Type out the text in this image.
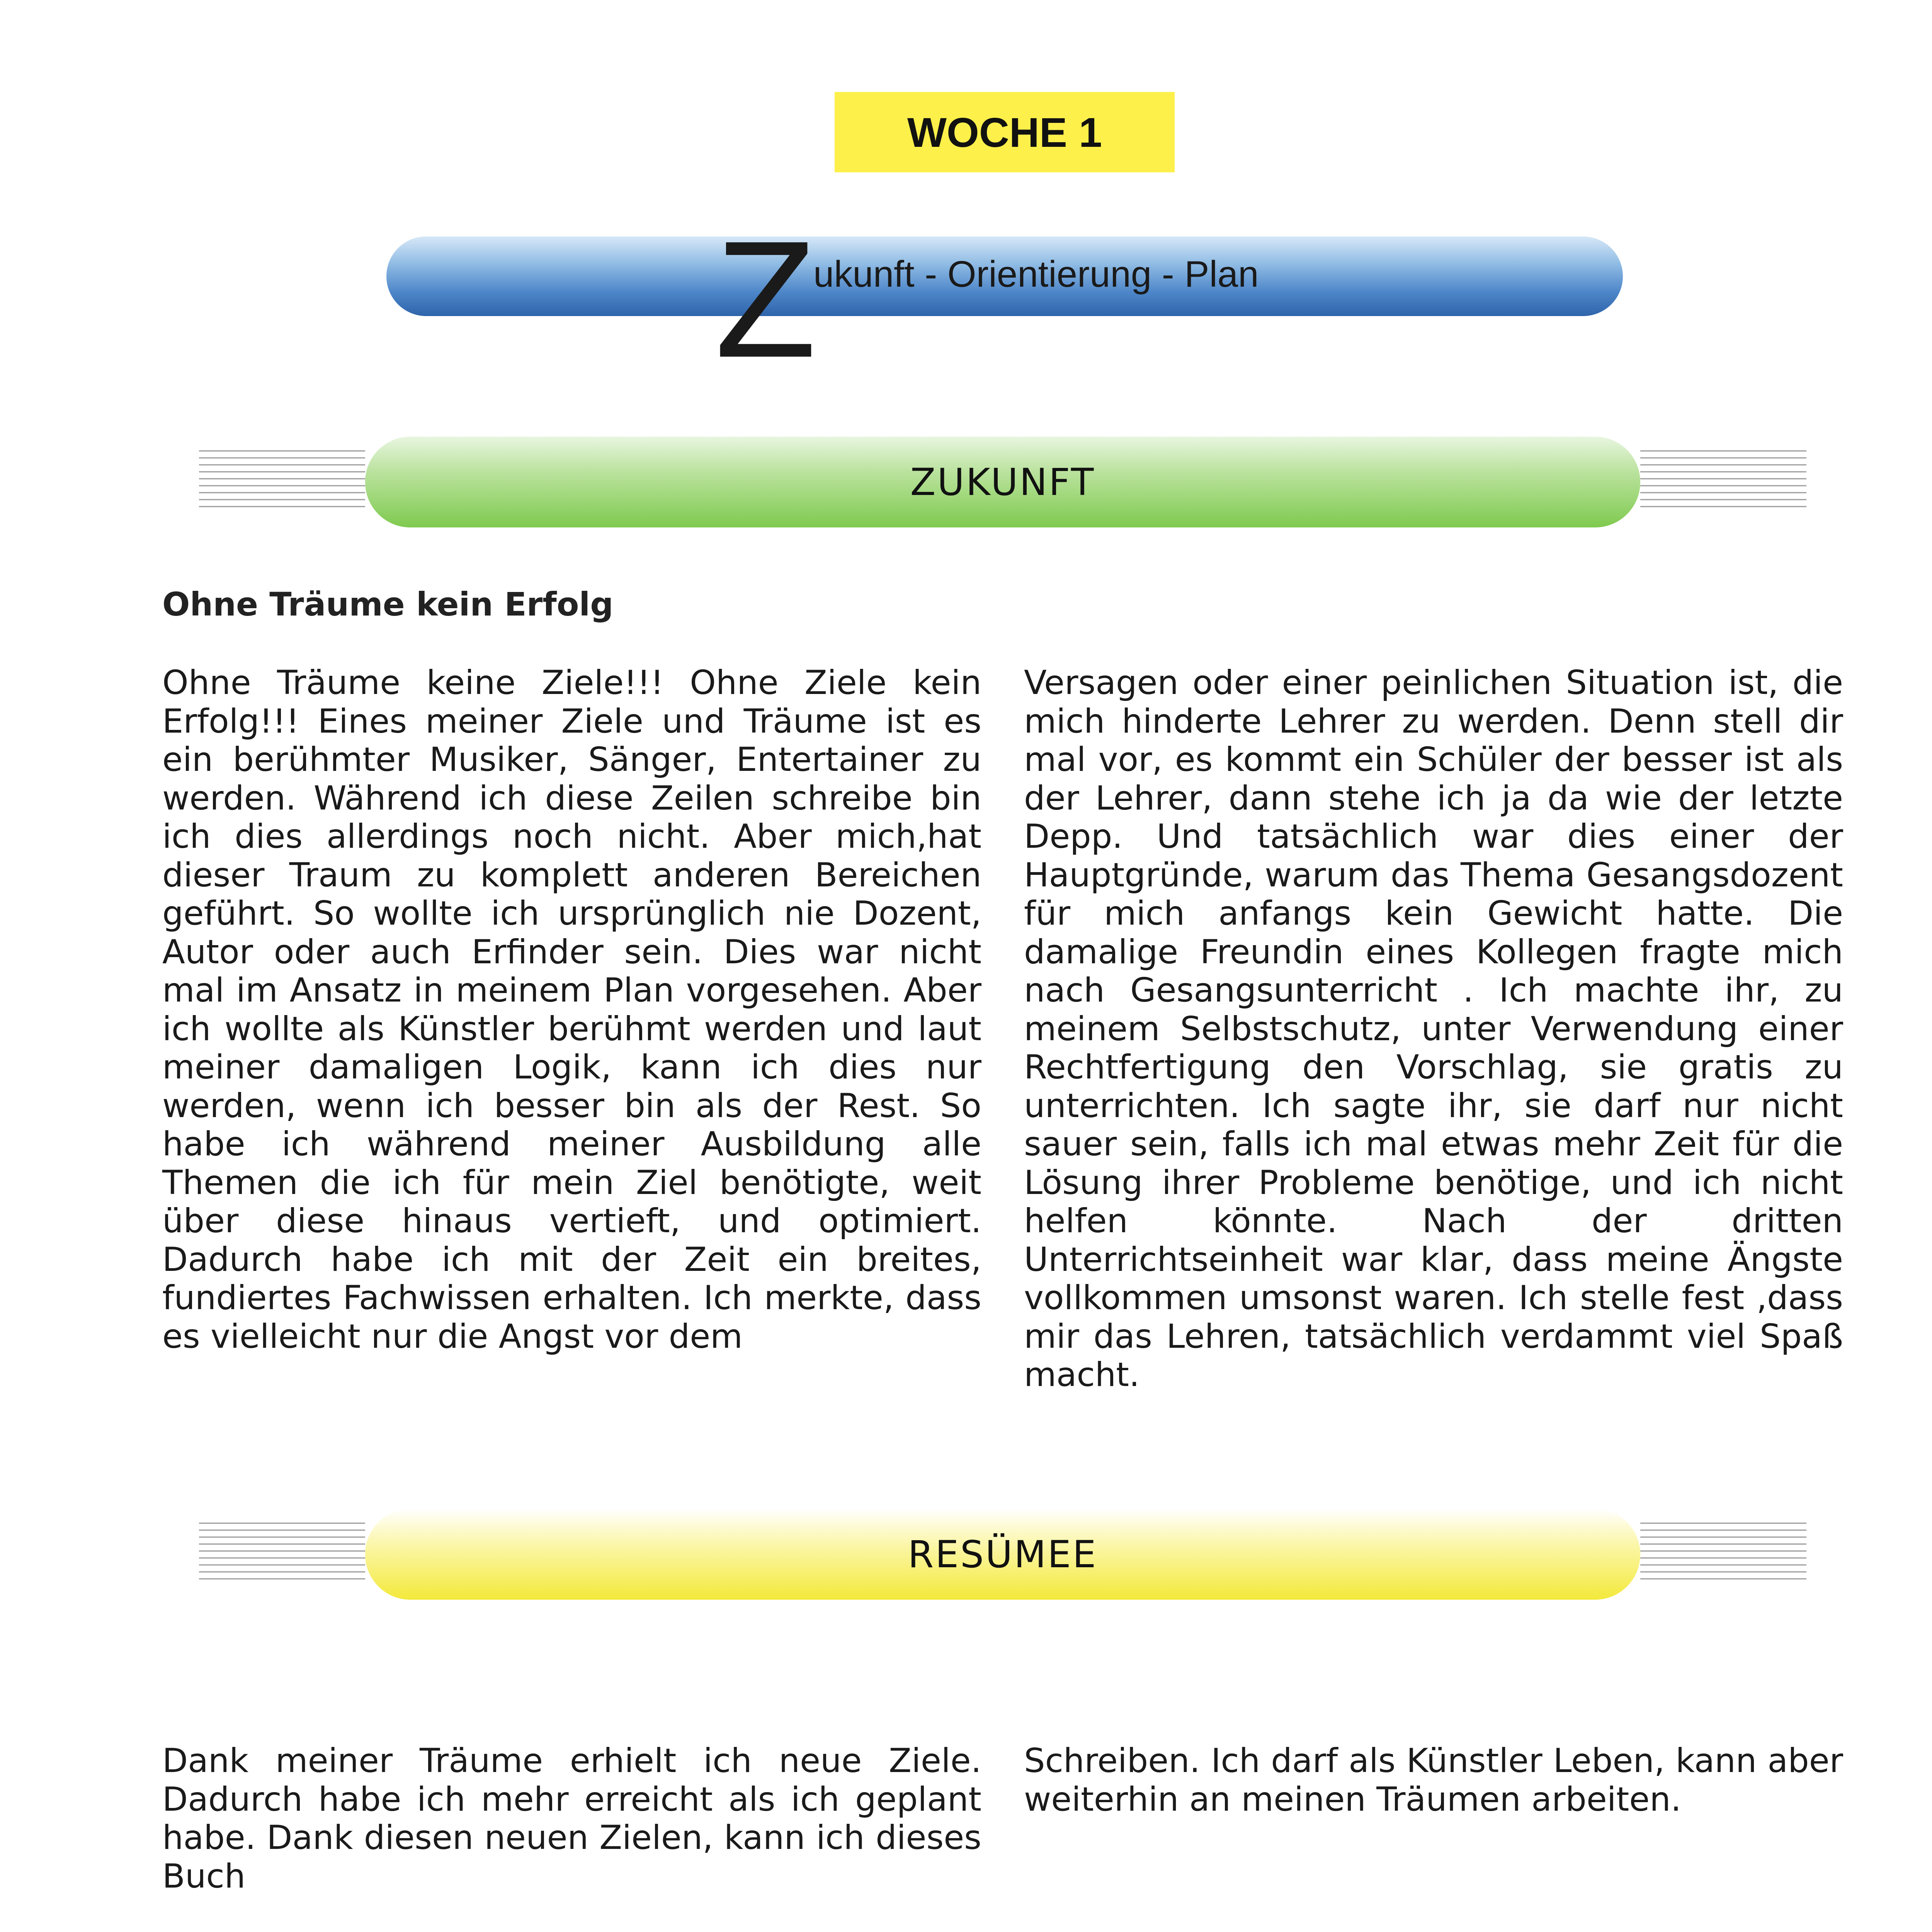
WOCHE 1
Z
ukunft - Orientierung - Plan
ZUKUNFT
Ohne Träume kein Erfolg
Ohne Träume keine Ziele!!! Ohne Ziele kein Erfolg!!! Eines meiner Ziele und Träume ist es ein berühmter Musiker, Sänger, Entertainer zu werden. Während ich diese Zeilen schreibe bin ich dies allerdings noch nicht. Aber mich,hat dieser Traum zu komplett anderen Bereichen geführt. So wollte ich ursprünglich nie Dozent, Autor oder auch Erfinder sein. Dies war nicht mal im Ansatz in meinem Plan vorgesehen. Aber ich wollte als Künstler berühmt werden und laut meiner damaligen Logik, kann ich dies nur werden, wenn ich besser bin als der Rest. So habe ich während meiner Ausbildung alle Themen die ich für mein Ziel benötigte, weit über diese hinaus vertieft, und optimiert. Dadurch habe ich mit der Zeit ein breites, fundiertes Fachwissen erhalten. Ich merkte, dass es vielleicht nur die Angst vor dem
Versagen oder einer peinlichen Situation ist, die mich hinderte Lehrer zu werden. Denn stell dir mal vor, es kommt ein Schüler der besser ist als der Lehrer, dann stehe ich ja da wie der letzte Depp. Und tatsächlich war dies einer der Hauptgründe, warum das Thema Gesangsdozent für mich anfangs kein Gewicht hatte. Die damalige Freundin eines Kollegen fragte mich nach Gesangsunterricht . Ich machte ihr, zu meinem Selbstschutz, unter Verwendung einer Rechtfertigung den Vorschlag, sie gratis zu unterrichten. Ich sagte ihr, sie darf nur nicht sauer sein, falls ich mal etwas mehr Zeit für die Lösung ihrer Probleme benötige, und ich nicht helfen könnte. Nach der dritten Unterrichtseinheit war klar, dass meine Ängste vollkommen umsonst waren. Ich stelle fest ,dass mir das Lehren, tatsächlich verdammt viel Spaß macht.
RESÜMEE
Dank meiner Träume erhielt ich neue Ziele. Dadurch habe ich mehr erreicht als ich geplant habe. Dank diesen neuen Zielen, kann ich dieses Buch
Schreiben. Ich darf als Künstler Leben, kann aber weiterhin an meinen Träumen arbeiten.
